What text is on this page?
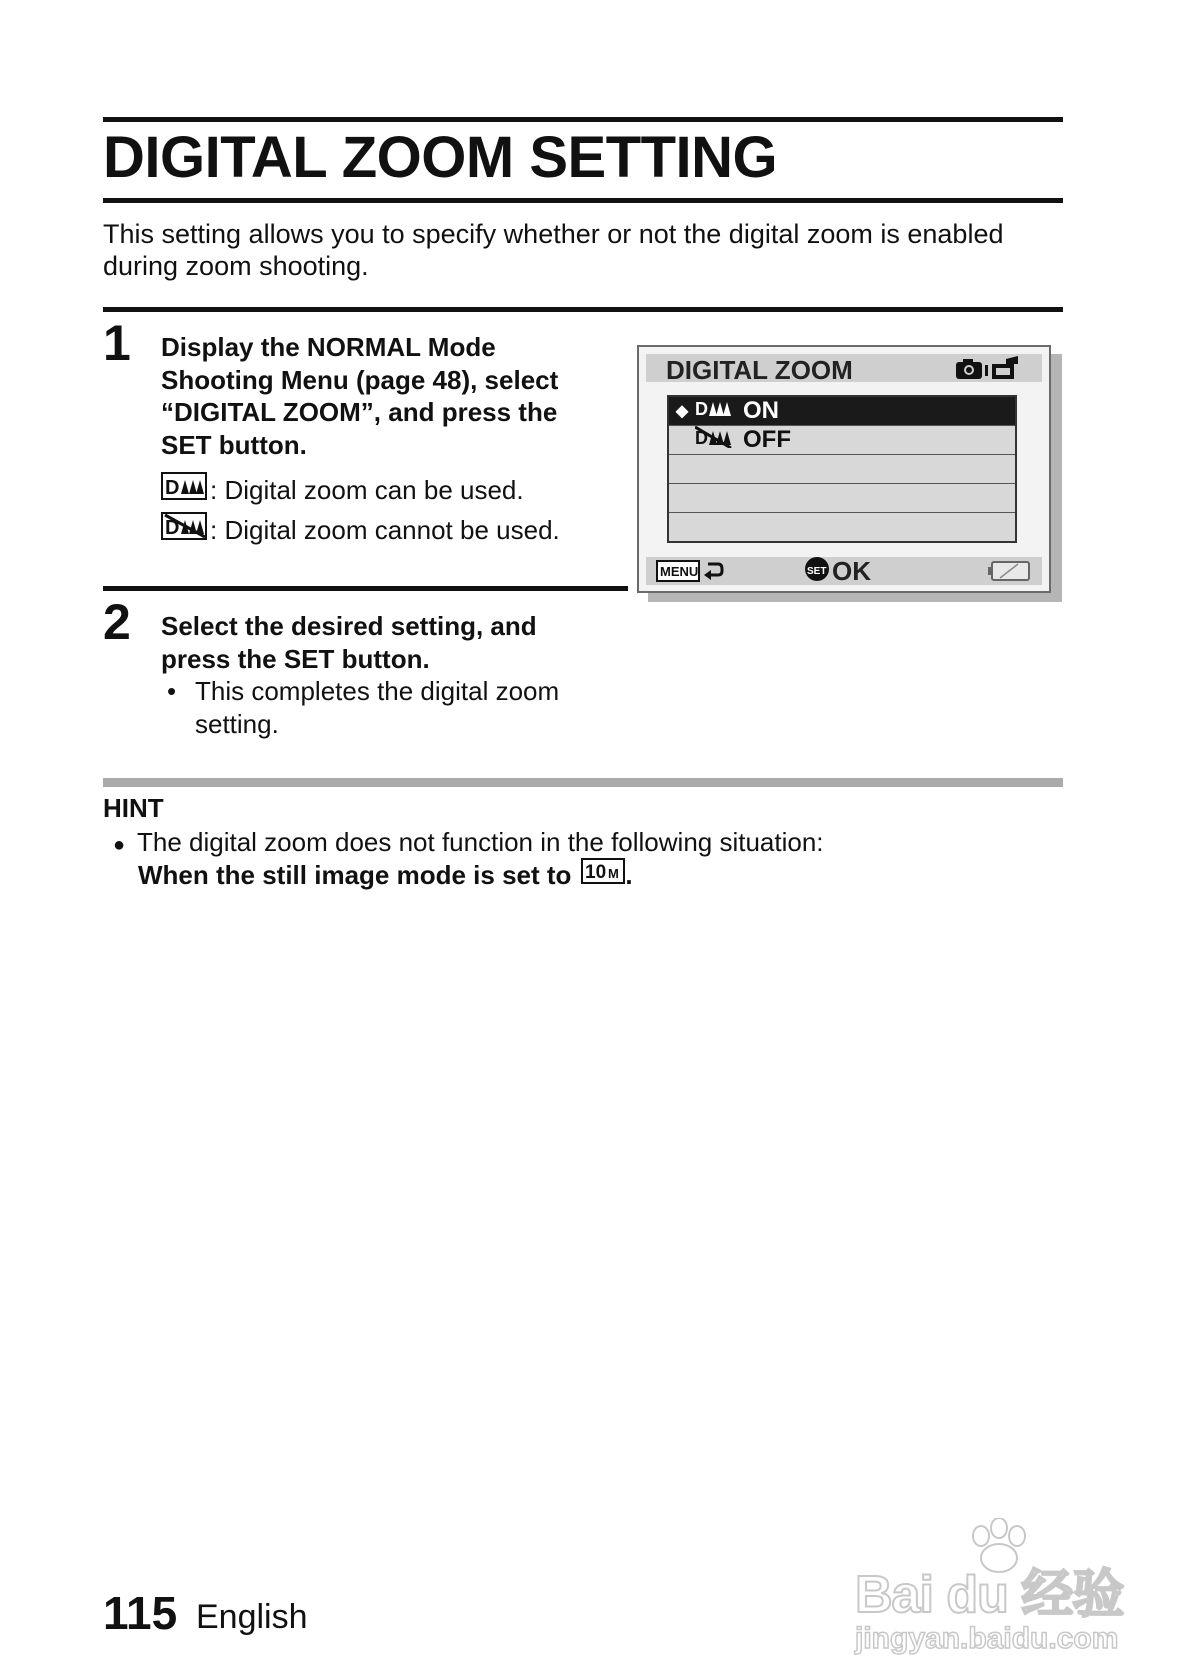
DIGITAL ZOOM SETTING
This setting allows you to specify whether or not the digital zoom is enabled during zoom shooting.
1 Display the NORMAL Mode Shooting Menu (page 48), select “DIGITAL ZOOM”, and press the SET button.
D : Digital zoom can be used.
D : Digital zoom cannot be used.
DIGITAL ZOOM
◆ D ON
D OFF
MENU	SET OK
2 Select the desired setting, and press the SET button.
• This completes the digital zoom setting.
HINT
● The digital zoom does not function in the following situation:
When the still image mode is set to 10 M .
115 English	Bai du 经验
jingyan.baidu.com
